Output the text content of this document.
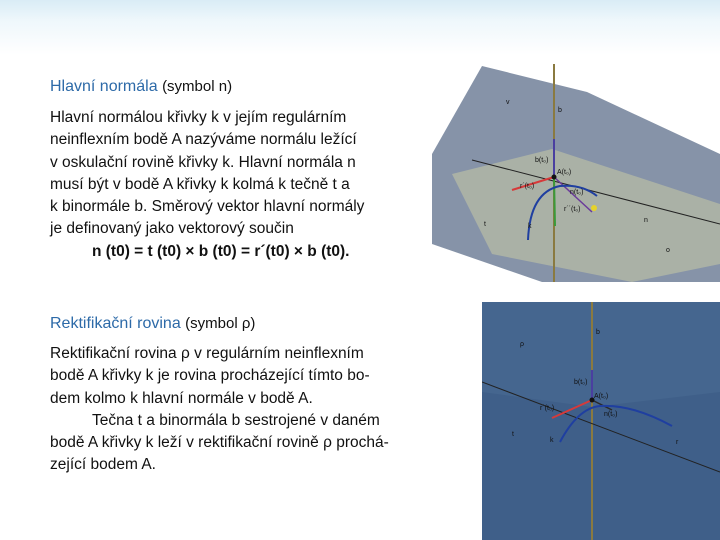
Hlavní normála (symbol n)
Hlavní normálou křivky k v jejím regulárním
neinflexním bodě A nazýváme normálu ležící
v oskulační rovině křivky k. Hlavní normála n
musí být v bodě A křivky k kolmá k tečně t a
k binormále b. Směrový vektor hlavní normály
je definovaný jako vektorový součin
n (t0) = t (t0) × b (t0) = r´(t0) × b (t0).
Rektifikační rovina (symbol ρ)
Rektifikační rovina ρ v regulárním neinflexním
bodě A křivky k je rovina procházející tímto bo-
dem kolmo k hlavní normále v bodě A.
Tečna t a binormála b sestrojené v daném
bodě A křivky k leží v rektifikační rovině ρ prochá-
zející bodem A.
v
b
b(t₀)
A(t₀)
r´(t₀)
n(t₀)
r´´(t₀)
t	k
n
o
ρ
b
b(t₀)
A(t₀)
r´(t₀)
n(t₀)
t
k	r
